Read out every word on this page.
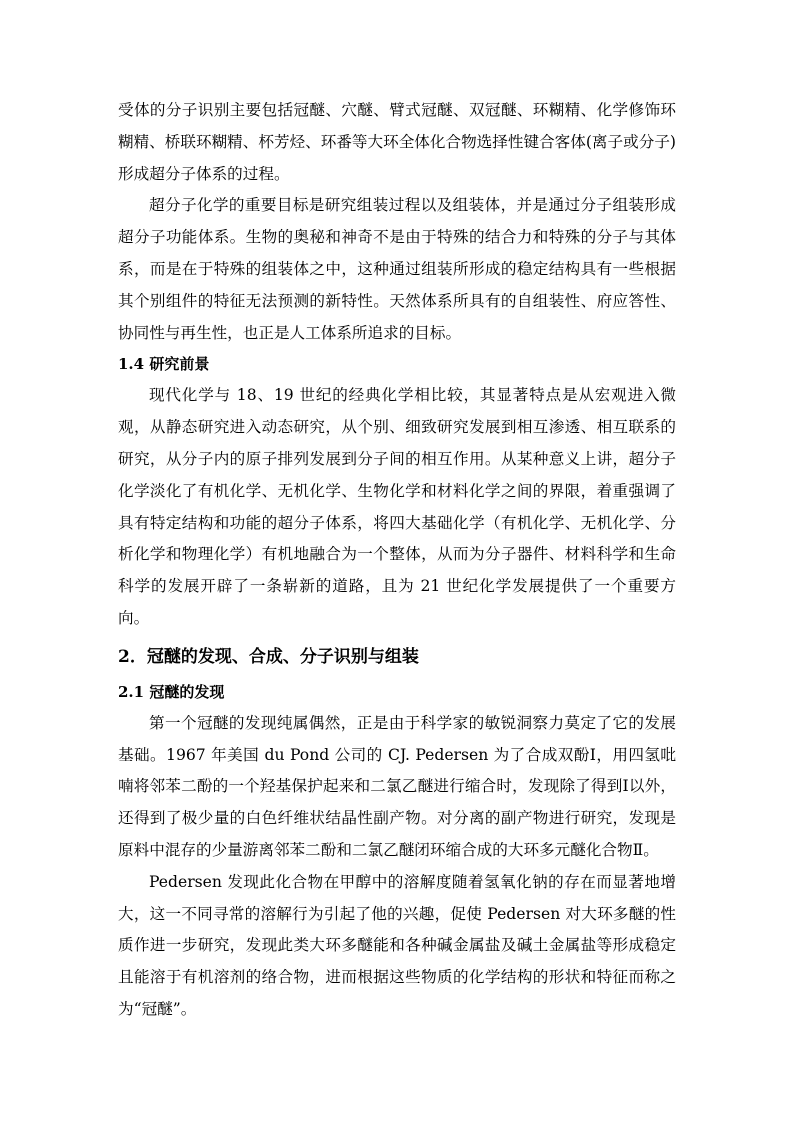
受体的分子识别主要包括冠醚、穴醚、臂式冠醚、双冠醚、环糊精、化学修饰环糊精、桥联环糊精、杯芳烃、环番等大环全体化合物选择性键合客体(离子或分子)形成超分子体系的过程。

超分子化学的重要目标是研究组装过程以及组装体，并是通过分子组装形成超分子功能体系。生物的奥秘和神奇不是由于特殊的结合力和特殊的分子与其体系，而是在于特殊的组装体之中，这种通过组装所形成的稳定结构具有一些根据其个别组件的特征无法预测的新特性。天然体系所具有的自组装性、府应答性、协同性与再生性，也正是人工体系所追求的目标。

1.4 研究前景

现代化学与 18、19 世纪的经典化学相比较，其显著特点是从宏观进入微观，从静态研究进入动态研究，从个别、细致研究发展到相互渗透、相互联系的研究，从分子内的原子排列发展到分子间的相互作用。从某种意义上讲，超分子化学淡化了有机化学、无机化学、生物化学和材料化学之间的界限，着重强调了具有特定结构和功能的超分子体系，将四大基础化学（有机化学、无机化学、分析化学和物理化学）有机地融合为一个整体，从而为分子器件、材料科学和生命科学的发展开辟了一条崭新的道路，且为 21 世纪化学发展提供了一个重要方向。

2．冠醚的发现、合成、分子识别与组装
2.1 冠醚的发现

第一个冠醚的发现纯属偶然，正是由于科学家的敏锐洞察力莫定了它的发展基础。1967 年美国 du Pond 公司的 CJ. Pedersen 为了合成双酚Ⅰ，用四氢吡喃将邻苯二酚的一个羟基保护起来和二氯乙醚进行缩合时，发现除了得到Ⅰ以外，还得到了极少量的白色纤维状结晶性副产物。对分离的副产物进行研究，发现是原料中混存的少量游离邻苯二酚和二氯乙醚闭环缩合成的大环多元醚化合物Ⅱ。

Pedersen 发现此化合物在甲醇中的溶解度随着氢氧化钠的存在而显著地增大，这一不同寻常的溶解行为引起了他的兴趣，促使 Pedersen 对大环多醚的性质作进一步研究，发现此类大环多醚能和各种碱金属盐及碱土金属盐等形成稳定且能溶于有机溶剂的络合物，进而根据这些物质的化学结构的形状和特征而称之为“冠醚”。
